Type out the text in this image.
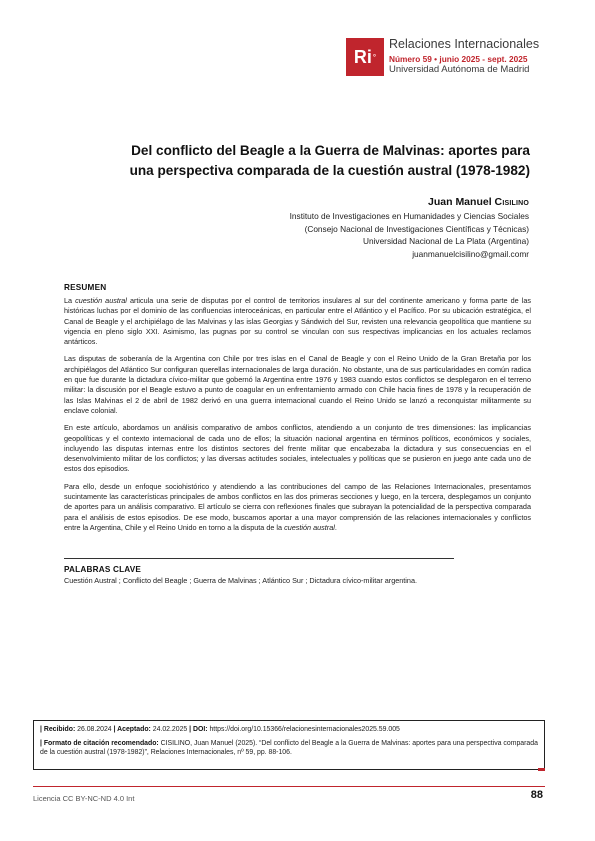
Ri °
Relaciones Internacionales
Número 59 • junio 2025 - sept. 2025
Universidad Autónoma de Madrid
Del conflicto del Beagle a la Guerra de Malvinas: aportes para
una perspectiva comparada de la cuestión austral (1978-1982)
Juan Manuel Cisilino
Instituto de Investigaciones en Humanidades y Ciencias Sociales
(Consejo Nacional de Investigaciones Científicas y Técnicas)
Universidad Nacional de La Plata (Argentina)
juanmanuelcisilino@gmail.comr
RESUMEN

La cuestión austral articula una serie de disputas por el control de territorios insulares al sur del continente americano y forma parte de las históricas luchas por el dominio de las confluencias interoceánicas, en particular entre el Atlántico y el Pacífico. Por su ubicación estratégica, el Canal de Beagle y el archipiélago de las Malvinas y las islas Georgias y Sándwich del Sur, revisten una relevancia geopolítica que mantiene su vigencia en pleno siglo XXI. Asimismo, las pugnas por su control se vinculan con sus respectivas implicancias en los actuales reclamos antárticos.

Las disputas de soberanía de la Argentina con Chile por tres islas en el Canal de Beagle y con el Reino Unido de la Gran Bretaña por los archipiélagos del Atlántico Sur configuran querellas internacionales de larga duración. No obstante, una de sus particularidades en común radica en que fue durante la dictadura cívico-militar que gobernó la Argentina entre 1976 y 1983 cuando estos conflictos se desplegaron en el terreno militar: la discusión por el Beagle estuvo a punto de coagular en un enfrentamiento armado con Chile hacia fines de 1978 y la recuperación de las Islas Malvinas el 2 de abril de 1982 derivó en una guerra internacional cuando el Reino Unido se lanzó a reconquistar militarmente su enclave colonial.

En este artículo, abordamos un análisis comparativo de ambos conflictos, atendiendo a un conjunto de tres dimensiones: las implicancias geopolíticas y el contexto internacional de cada uno de ellos; la situación nacional argentina en términos políticos, económicos y sociales, incluyendo las disputas internas entre los distintos sectores del frente militar que encabezaba la dictadura y sus consecuencias en el desenvolvimiento militar de los conflictos; y las diversas actitudes sociales, intelectuales y políticas que se pusieron en juego ante cada uno de estos dos episodios.

Para ello, desde un enfoque sociohistórico y atendiendo a las contribuciones del campo de las Relaciones Internacionales, presentamos sucintamente las características principales de ambos conflictos en las dos primeras secciones y luego, en la tercera, desplegamos un conjunto de aportes para un análisis comparativo. El artículo se cierra con reflexiones finales que subrayan la potencialidad de la perspectiva comparada para el análisis de estos episodios. De ese modo, buscamos aportar a una mayor comprensión de las relaciones internacionales y conflictos entre la Argentina, Chile y el Reino Unido en torno a la disputa de la cuestión austral.

PALABRAS CLAVE
Cuestión Austral ; Conflicto del Beagle ; Guerra de Malvinas ; Atlántico Sur ; Dictadura cívico-militar argentina.

| Recibido: 26.08.2024 | Aceptado: 24.02.2025 | DOI: https://doi.org/10.15366/relacionesinternacionales2025.59.005

| Formato de citación recomendado: CISILINO, Juan Manuel (2025). “Del conflicto del Beagle a la Guerra de Malvinas: aportes para una perspectiva comparada de la cuestión austral (1978-1982)”, Relaciones Internacionales, nº 59, pp. 88-106.

Licencia CC BY-NC-ND 4.0 Int	88
